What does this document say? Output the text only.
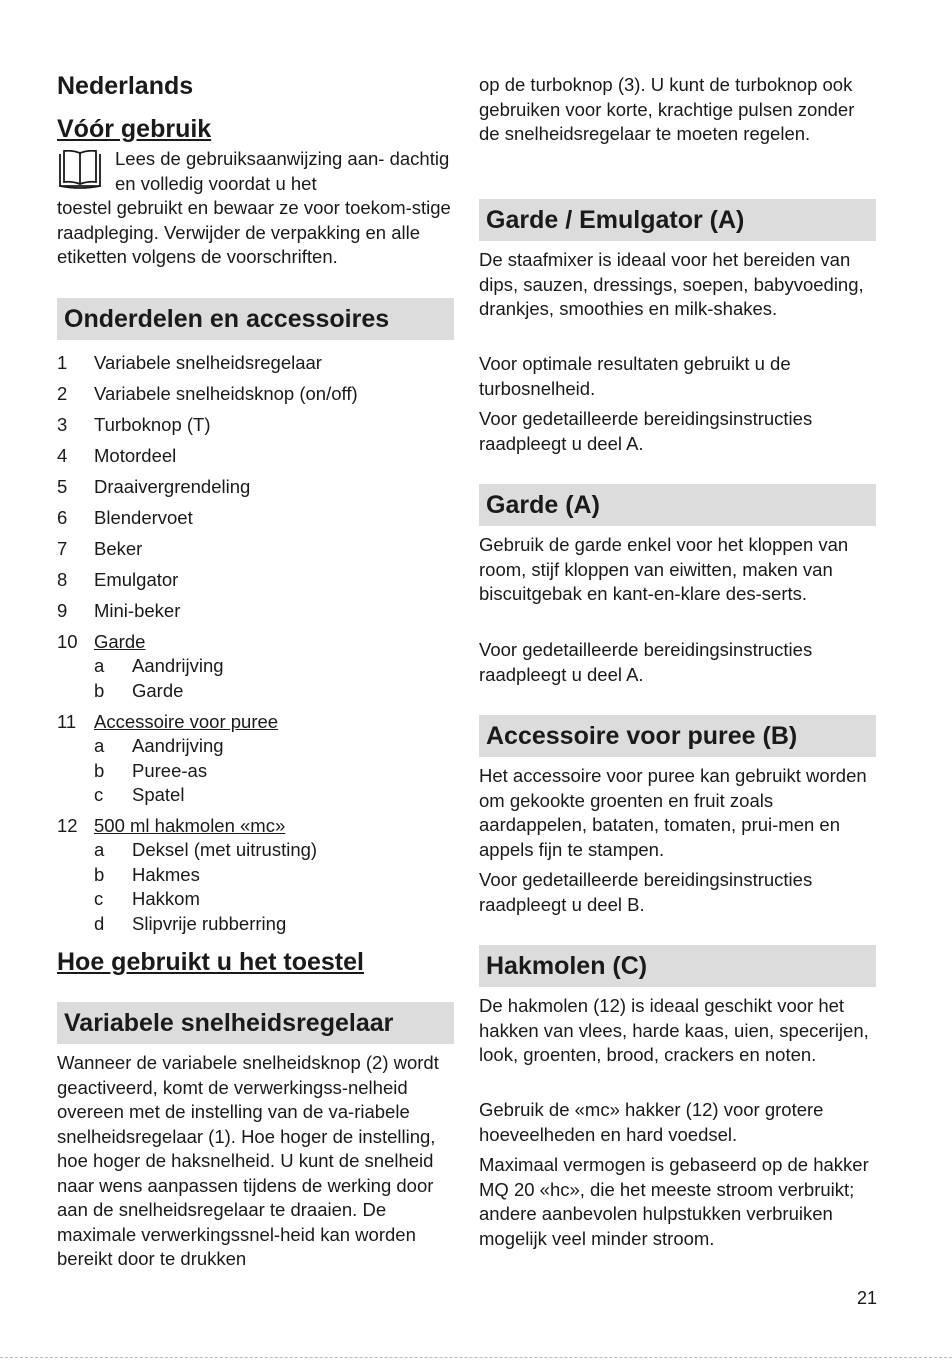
Nederlands
Vóór gebruik

Lees de gebruiksaanwijzing aan- dachtig en volledig voordat u het

toestel gebruikt en bewaar ze voor toekom-stige raadpleging. Verwijder de verpakking en alle etiketten volgens de voorschriften.

Onderdelen en accessoires
1	Variabele snelheidsregelaar
2	Variabele snelheidsknop (on/off)
3	Turboknop (T)
4	Motordeel
5	Draaivergrendeling
6	Blendervoet
7	Beker
8	Emulgator
9	Mini-beker
10 Garde
a Aandrijving
b Garde
11 Accessoire voor puree
a Aandrijving
b Puree-as
c Spatel
12 500 ml hakmolen «mc»
a Deksel (met uitrusting)
b Hakmes
c Hakkom
d Slipvrije rubberring
Hoe gebruikt u het toestel
Variabele snelheidsregelaar

Wanneer de variabele snelheidsknop (2) wordt geactiveerd, komt de verwerkingss-nelheid overeen met de instelling van de va-riabele snelheidsregelaar (1). Hoe hoger de instelling, hoe hoger de haksnelheid. U kunt de snelheid naar wens aanpassen tijdens de werking door aan de snelheidsregelaar te draaien. De maximale verwerkingssnel-heid kan worden bereikt door te drukken

op de turboknop (3). U kunt de turboknop ook gebruiken voor korte, krachtige pulsen zonder de snelheidsregelaar te moeten regelen.

Garde / Emulgator (A)

De staafmixer is ideaal voor het bereiden van dips, sauzen, dressings, soepen, babyvoeding, drankjes, smoothies en milk-shakes.

Voor optimale resultaten gebruikt u de turbosnelheid.

Voor gedetailleerde bereidingsinstructies raadpleegt u deel A.

Garde (A)

Gebruik de garde enkel voor het kloppen van room, stijf kloppen van eiwitten, maken van biscuitgebak en kant-en-klare des-serts.

Voor gedetailleerde bereidingsinstructies raadpleegt u deel A.

Accessoire voor puree (B)

Het accessoire voor puree kan gebruikt worden om gekookte groenten en fruit zoals aardappelen, bataten, tomaten, prui-men en appels fijn te stampen.

Voor gedetailleerde bereidingsinstructies raadpleegt u deel B.

Hakmolen (C)

De hakmolen (12) is ideaal geschikt voor het hakken van vlees, harde kaas, uien, specerijen, look, groenten, brood, crackers en noten.

Gebruik de «mc» hakker (12) voor grotere hoeveelheden en hard voedsel.

Maximaal vermogen is gebaseerd op de hakker MQ 20 «hc», die het meeste stroom verbruikt; andere aanbevolen hulpstukken verbruiken mogelijk veel minder stroom.

21
